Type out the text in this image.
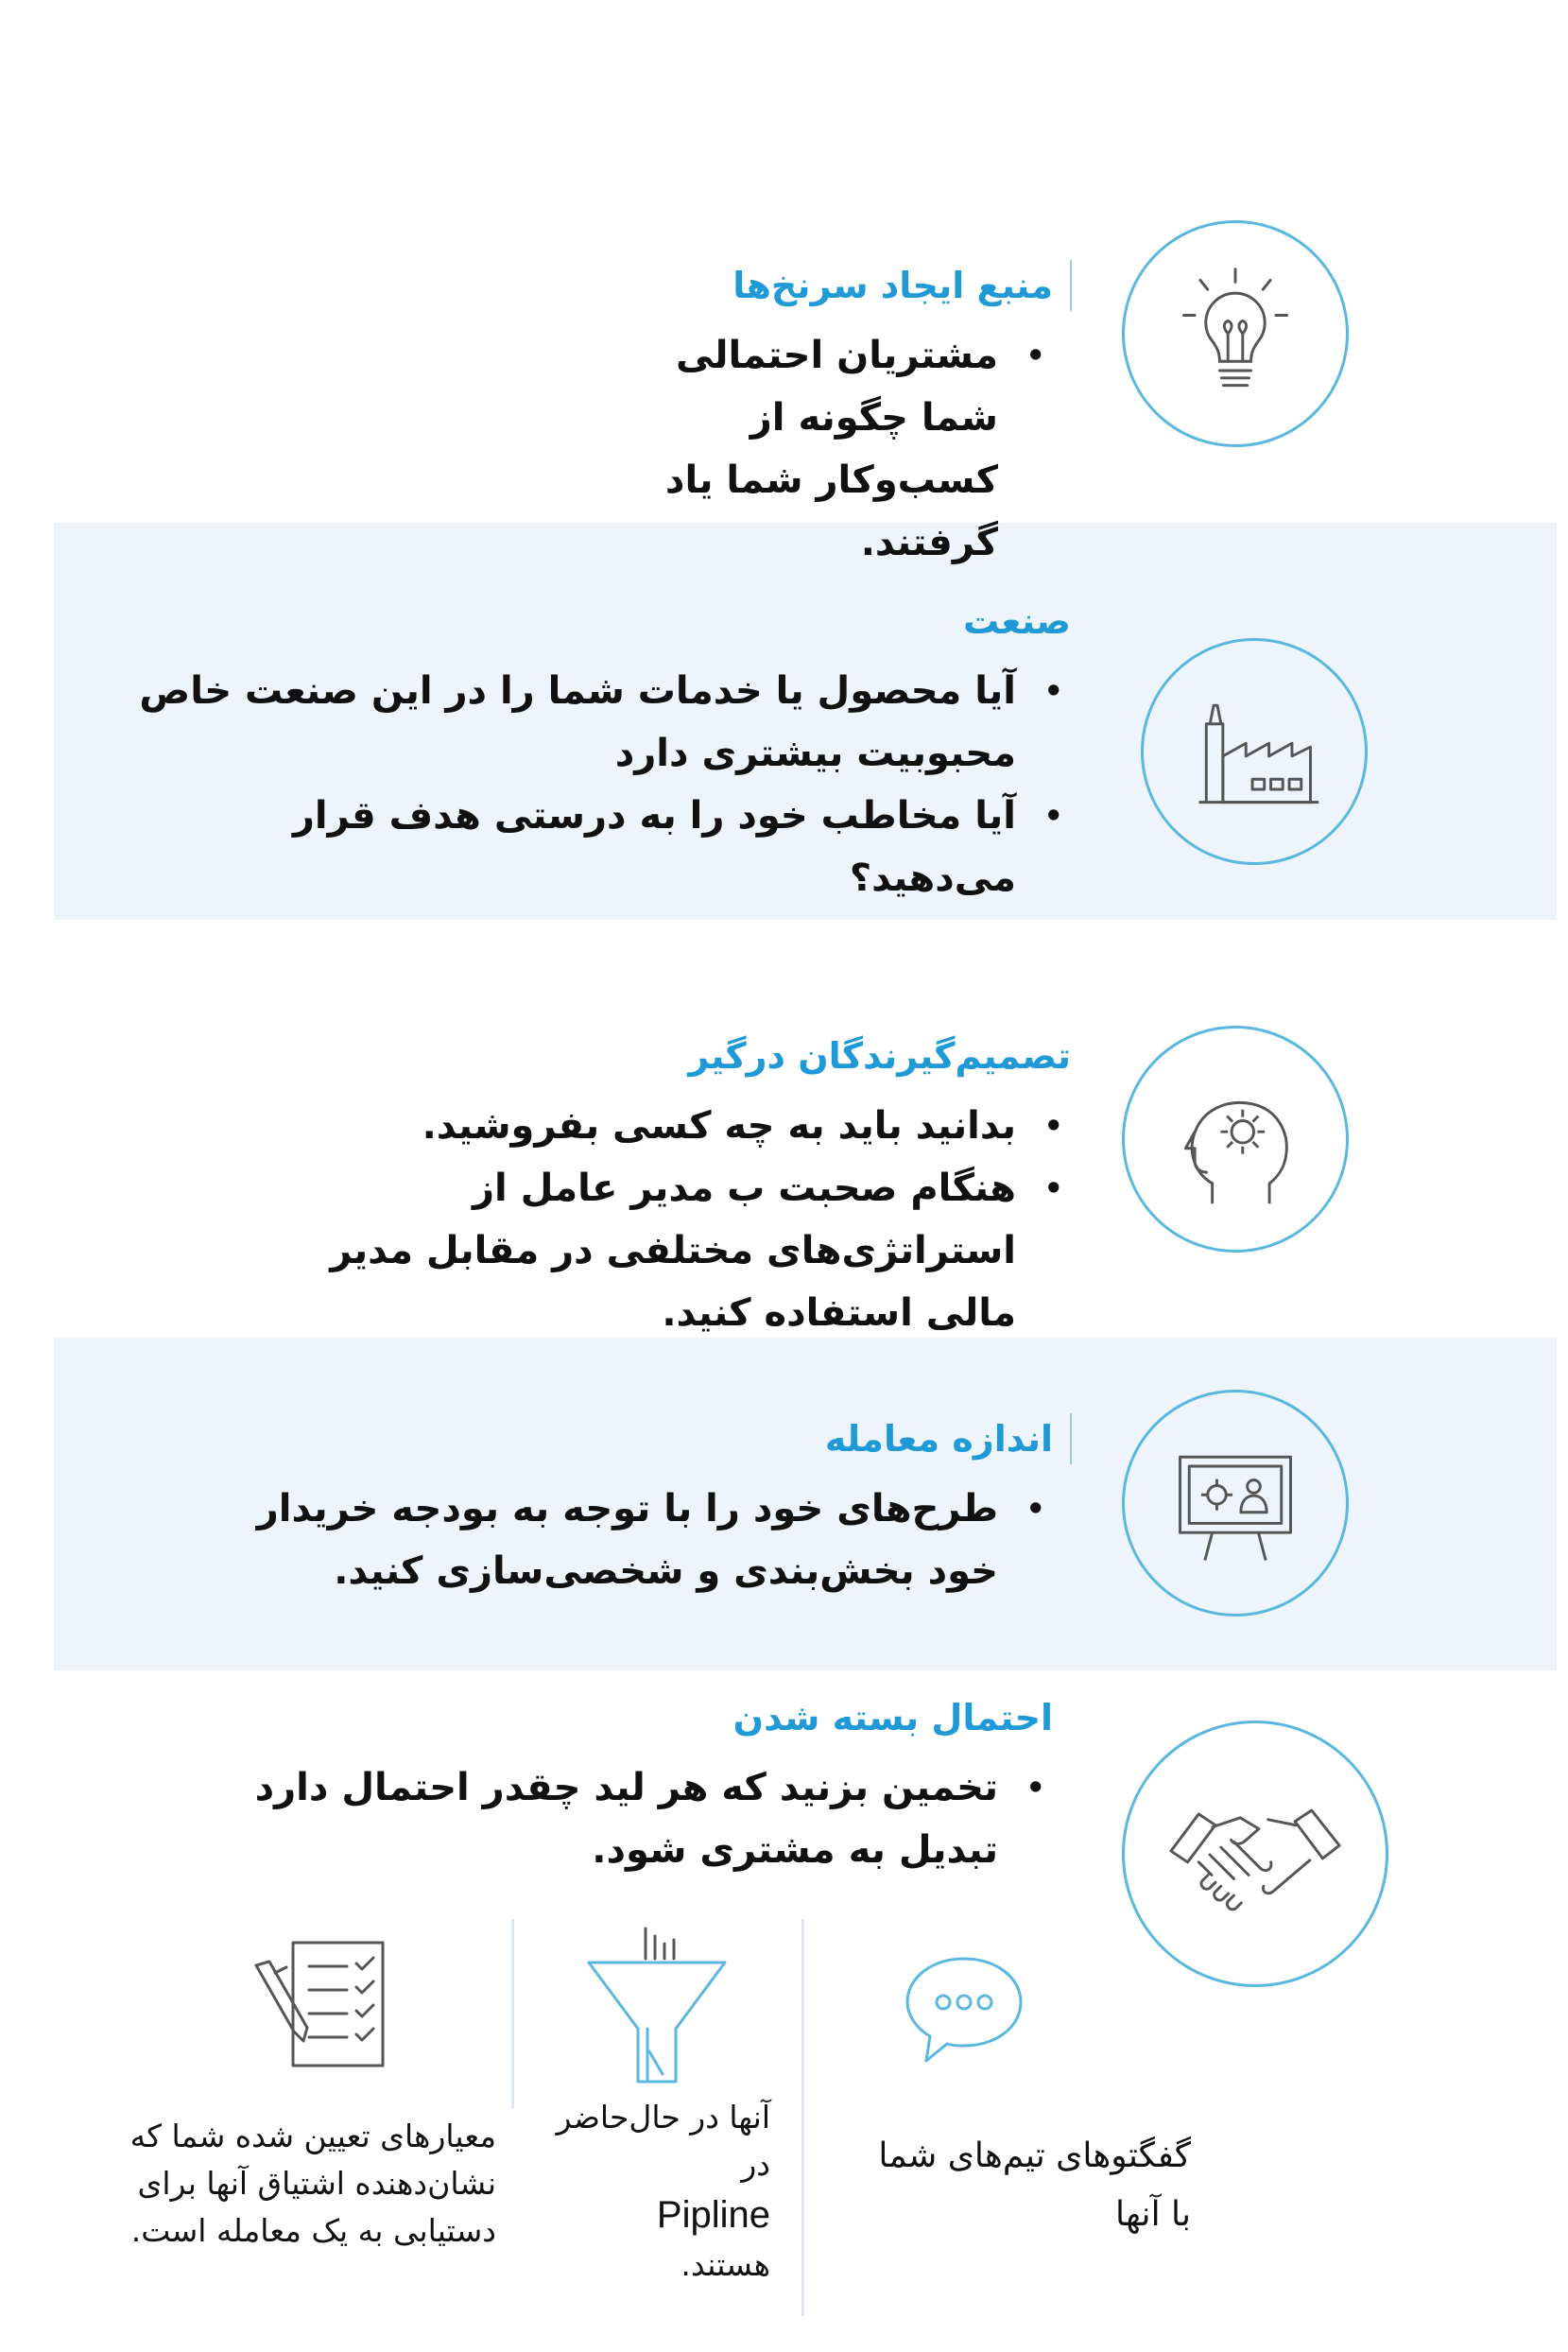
منبع ایجاد سرنخ‌ها
• مشتریان احتمالی شما چگونه از کسب‌وکار شما یاد گرفتند.
صنعت
• آیا محصول یا خدمات شما را در این صنعت خاص محبوبیت بیشتری دارد
• آیا مخاطب خود را به درستی هدف قرار می‌دهید؟
تصمیم‌گیرندگان درگیر
• بدانید باید به چه کسی بفروشید.
• هنگام صحبت ب مدیر عامل از استراتژی‌های مختلفی در مقابل مدیر مالی استفاده کنید.
اندازه معامله
• طرح‌های خود را با توجه به بودجه خریدار خود بخش‌بندی و شخصی‌سازی کنید.
احتمال بسته شدن
• تخمین بزنید که هر لید چقدر احتمال دارد تبدیل به مشتری شود.
معیارهای تعیین شده شما که نشان‌دهنده اشتیاق آنها برای دستیابی به یک معامله است.
آنها در حال‌حاضر در
Pipline
هستند.
گفگتوهای تیم‌های شما با آنها
